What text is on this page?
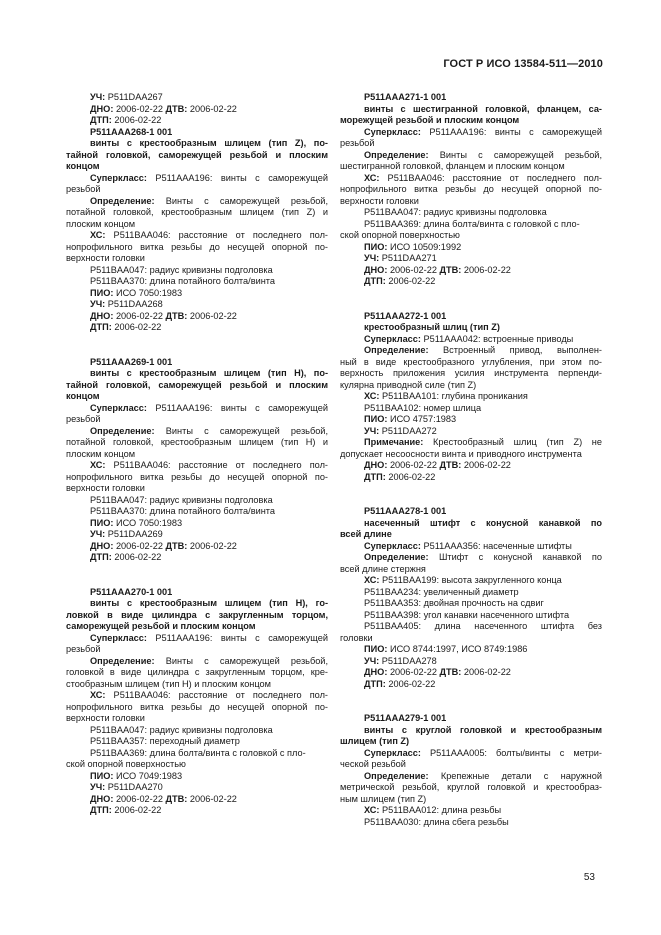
ГОСТ Р ИСО 13584-511—2010
УЧ: P511DAA267
ДНО: 2006-02-22 ДТВ: 2006-02-22
ДТП: 2006-02-22
P511AAA268-1 001
винты с крестообразным шлицем (тип Z), по-
тайной головкой, саморежущей резьбой и плоским
концом
Суперкласс: P511AAA196: винты с саморежущей
резьбой
Определение: Винты с саморежущей резьбой,
потайной головкой, крестообразным шлицем (тип Z) и
плоским концом
ХС: P511BAA046: расстояние от последнего пол-
нопрофильного витка резьбы до несущей опорной по-
верхности головки
P511BAA047: радиус кривизны подголовка
P511BAA370: длина потайного болта/винта
ПИО: ИСО 7050:1983
УЧ: P511DAA268
ДНО: 2006-02-22 ДТВ: 2006-02-22
ДТП: 2006-02-22
P511AAA269-1 001
винты с крестообразным шлицем (тип H), по-
тайной головкой, саморежущей резьбой и плоским
концом
Суперкласс: P511AAA196: винты с саморежущей
резьбой
Определение: Винты с саморежущей резьбой,
потайной головкой, крестообразным шлицем (тип H) и
плоским концом
ХС: P511BAA046: расстояние от последнего пол-
нопрофильного витка резьбы до несущей опорной по-
верхности головки
P511BAA047: радиус кривизны подголовка
P511BAA370: длина потайного болта/винта
ПИО: ИСО 7050:1983
УЧ: P511DAA269
ДНО: 2006-02-22 ДТВ: 2006-02-22
ДТП: 2006-02-22
P511AAA270-1 001
винты с крестообразным шлицем (тип H), го-
ловкой в виде цилиндра с закругленным торцом,
саморежущей резьбой и плоским концом
Суперкласс: P511AAA196: винты с саморежущей
резьбой
Определение: Винты с саморежущей резьбой,
головкой в виде цилиндра с закругленным торцом, кре-
стообразным шлицем (тип H) и плоским концом
ХС: P511BAA046: расстояние от последнего пол-
нопрофильного витка резьбы до несущей опорной по-
верхности головки
P511BAA047: радиус кривизны подголовка
P511BAA357: переходный диаметр
P511BAA369: длина болта/винта с головкой с пло-
ской опорной поверхностью
ПИО: ИСО 7049:1983
УЧ: P511DAA270
ДНО: 2006-02-22 ДТВ: 2006-02-22
ДТП: 2006-02-22
P511AAA271-1 001
винты с шестигранной головкой, фланцем, са-
морежущей резьбой и плоским концом
Суперкласс: P511AAA196: винты с саморежущей
резьбой
Определение: Винты с саморежущей резьбой,
шестигранной головкой, фланцем и плоским концом
ХС: P511BAA046: расстояние от последнего пол-
нопрофильного витка резьбы до несущей опорной по-
верхности головки
P511BAA047: радиус кривизны подголовка
P511BAA369: длина болта/винта с головкой с пло-
ской опорной поверхностью
ПИО: ИСО 10509:1992
УЧ: P511DAA271
ДНО: 2006-02-22 ДТВ: 2006-02-22
ДТП: 2006-02-22
P511AAA272-1 001
крестообразный шлиц (тип Z)
Суперкласс: P511AAA042: встроенные приводы
Определение: Встроенный привод, выполнен-
ный в виде крестообразного углубления, при этом по-
верхность приложения усилия инструмента перпенди-
кулярна приводной силе (тип Z)
ХС: P511BAA101: глубина проникания
P511BAA102: номер шлица
ПИО: ИСО 4757:1983
УЧ: P511DAA272
Примечание: Крестообразный шлиц (тип Z) не
допускает несоосности винта и приводного инструмента
ДНО: 2006-02-22 ДТВ: 2006-02-22
ДТП: 2006-02-22
P511AAA278-1 001
насеченный штифт с конусной канавкой по
всей длине
Суперкласс: P511AAA356: насеченные штифты
Определение: Штифт с конусной канавкой по
всей длине стержня
ХС: P511BAA199: высота закругленного конца
P511BAA234: увеличенный диаметр
P511BAA353: двойная прочность на сдвиг
P511BAA398: угол канавки насеченного штифта
P511BAA405: длина насеченного штифта без
головки
ПИО: ИСО 8744:1997, ИСО 8749:1986
УЧ: P511DAA278
ДНО: 2006-02-22 ДТВ: 2006-02-22
ДТП: 2006-02-22
P511AAA279-1 001
винты с круглой головкой и крестообразным
шлицем (тип Z)
Суперкласс: P511AAA005: болты/винты с метри-
ческой резьбой
Определение: Крепежные детали с наружной
метрической резьбой, круглой головкой и крестообраз-
ным шлицем (тип Z)
ХС: P511BAA012: длина резьбы
P511BAA030: длина сбега резьбы
53
